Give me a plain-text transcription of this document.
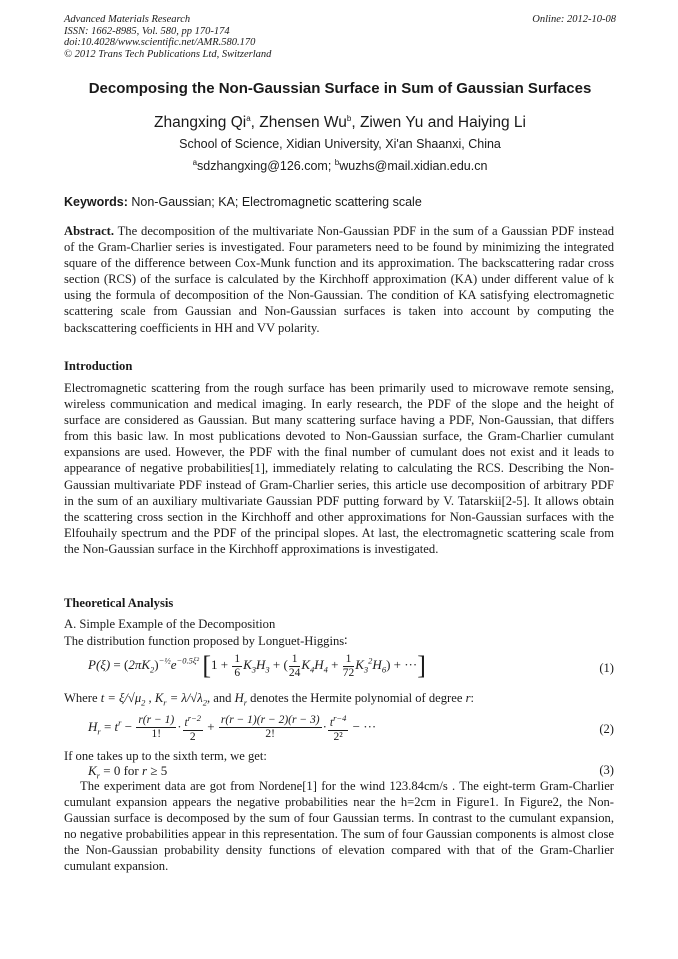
Advanced Materials Research
ISSN: 1662-8985, Vol. 580, pp 170-174
doi:10.4028/www.scientific.net/AMR.580.170
© 2012 Trans Tech Publications Ltd, Switzerland
Online: 2012-10-08
Decomposing the Non-Gaussian Surface in Sum of Gaussian Surfaces
Zhangxing Qi$^a$, Zhensen Wu$^b$, Ziwen Yu and Haiying Li
School of Science, Xidian University, Xi'an Shaanxi, China
$^a$sdzhangxing@126.com; $^b$wuzhs@mail.xidian.edu.cn
Keywords: Non-Gaussian; KA; Electromagnetic scattering scale
Abstract. The decomposition of the multivariate Non-Gaussian PDF in the sum of a Gaussian PDF instead of the Gram-Charlier series is investigated. Four parameters need to be found by minimizing the integrated square of the difference between Cox-Munk function and its approximation. The backscattering radar cross section (RCS) of the surface is calculated by the Kirchhoff approximation (KA) under different value of k using the formula of decomposition of the Non-Gaussian. The condition of KA satisfying electromagnetic scattering scale from Gaussian and Non-Gaussian surfaces is taken into account by computing the backscattering coefficients in HH and VV polarity.
Introduction
Electromagnetic scattering from the rough surface has been primarily used to microwave remote sensing, wireless communication and medical imaging. In early research, the PDF of the slope and the height of surface are considered as Gaussian. But many scattering surface having a PDF, Non-Gaussian, that differs from this basic law. In most publications devoted to Non-Gaussian surface, the Gram-Charlier cumulant expansions are used. However, the PDF with the final number of cumulant does not exist and it leads to appearance of negative probabilities[1], immediately relating to calculating the RCS. Describing the Non-Gaussian multivariate PDF instead of Gram-Charlier series, this article use decomposition of arbitrary PDF in the sum of an auxiliary multivariate Gaussian PDF putting forward by V. Tatarskii[2-5]. It allows obtain the scattering cross section in the Kirchhoff and other approximations for Non-Gaussian surfaces with the Elfouhaily spectrum and the PDF of the principal slopes. At last, the electromagnetic scattering scale from the Non-Gaussian surface in the Kirchhoff approximations is investigated.
Theoretical Analysis
A. Simple Example of the Decomposition
The distribution function proposed by Longuet-Higgins∶
$P(\xi) = (2\pi K_2)^{-\frac{1}{2}}e^{-0.5\xi^2}$ [$1 + \frac{1}{6} K_3H_3$ + ( $\frac{1}{24} K_4H_4 + \frac{1}{72} K_3^2H_6$) + ···]	(1)
Where $t = \xi/√\mu_2$ , $K_r = \lambda/√\lambda_2$, and $H_r$ denotes the Hermite polynomial of degree r:
$H_r = t^r - \frac{r(r - 1)}{1!} \cdot \frac{t^{r-2}}{2} + \frac{r(r - 1)(r - 2)(r - 3)}{2!} \cdot \frac{t^{r-4}}{\text{2²}}$ − ···	(2)
If one takes up to the sixth term, we get:
$K_r = 0$ for r ≥ 5	(3)
The experiment data are got from Nordene[1] for the wind 123.84cm/s . The eight-term Gram-Charlier cumulant expansion appears the negative probabilities near the h=2cm in Figure1. In Figure2, the Non-Gaussian surface is decomposed by the sum of four Gaussian terms. In contrast to the cumulant expansion, no negative probabilities appear in this representation. The sum of four Gaussian components is almost close the Non-Gaussian probability density functions of elevation compared with that of the Gram-Charlier cumulant expansion.
